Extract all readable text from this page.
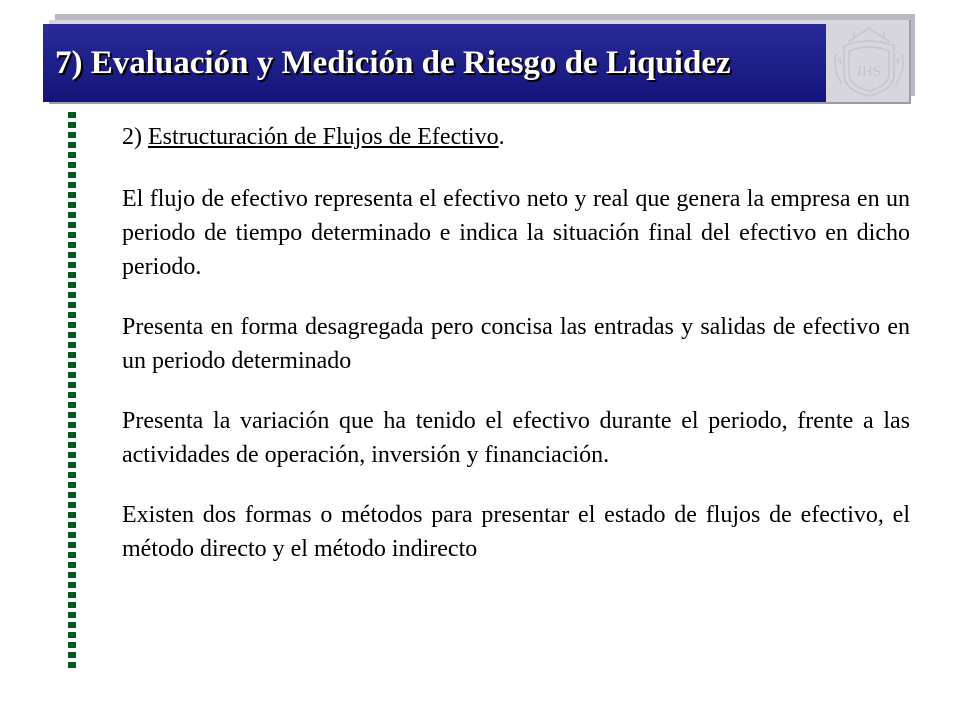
7) Evaluación y Medición de Riesgo de Liquidez	IHS

2) Estructuración de Flujos de Efectivo.

El flujo de efectivo representa el efectivo neto y real que genera la empresa en un periodo de tiempo determinado e indica la situación final del efectivo en dicho periodo.

Presenta en forma desagregada pero concisa las entradas y salidas de efectivo en un periodo determinado

Presenta la variación que ha tenido el efectivo durante el periodo, frente a las actividades de operación, inversión y financiación.

Existen dos formas o métodos para presentar el estado de flujos de efectivo, el método directo y el método indirecto
